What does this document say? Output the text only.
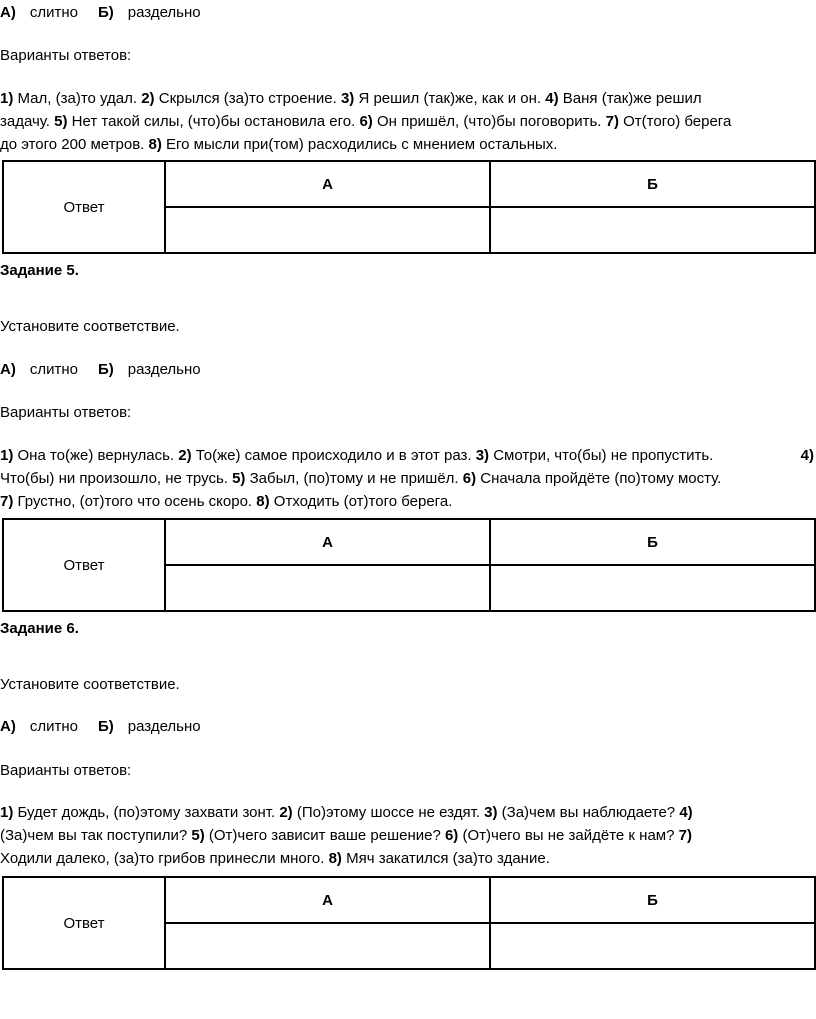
А) слитно Б) раздельно
Варианты ответов:
1) Мал, (за)то удал. 2) Скрылся (за)то строение. 3) Я решил (так)же, как и он. 4) Ваня (так)же решил
задачу. 5) Нет такой силы, (что)бы остановила его. 6) Он пришёл, (что)бы поговорить. 7) От(того) берега
до этого 200 метров. 8) Его мысли при(том) расходились с мнением остальных.
Ответ	А	Б

Задание 5.
Установите соответствие.
А) слитно Б) раздельно
Варианты ответов:
1) Она то(же) вернулась. 2) То(же) самое происходило и в этот раз. 3) Смотри, что(бы) не пропустить.	4)
Что(бы) ни произошло, не трусь. 5) Забыл, (по)тому и не пришёл. 6) Сначала пройдёте (по)тому мосту.
7) Грустно, (от)того что осень скоро. 8) Отходить (от)того берега.
Ответ	А	Б

Задание 6.
Установите соответствие.
А) слитно Б) раздельно
Варианты ответов:
1) Будет дождь, (по)этому захвати зонт. 2) (По)этому шоссе не ездят. 3) (За)чем вы наблюдаете? 4)
(За)чем вы так поступили? 5) (От)чего зависит ваше решение? 6) (От)чего вы не зайдёте к нам? 7)
Ходили далеко, (за)то грибов принесли много. 8) Мяч закатился (за)то здание.
Ответ	А	Б
